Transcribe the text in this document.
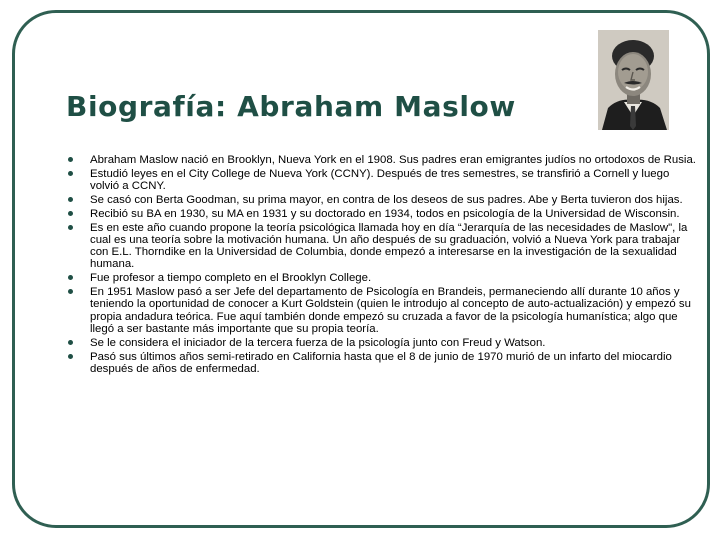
Biografía: Abraham Maslow
Abraham Maslow nació en Brooklyn, Nueva York en el 1908. Sus padres eran emigrantes judíos no ortodoxos de Rusia.
Estudió leyes en el City College de Nueva York (CCNY). Después de tres semestres, se transfirió a Cornell y luego volvió a CCNY.
Se casó con Berta Goodman, su prima mayor, en contra de los deseos de sus padres. Abe y Berta tuvieron dos hijas.
Recibió su BA en 1930, su MA en 1931 y su doctorado en 1934, todos en psicología de la Universidad de Wisconsin.
Es en este año cuando propone la teoría psicológica llamada hoy en día “Jerarquía de las necesidades de Maslow", la cual es una teoría sobre la motivación humana. Un año después de su graduación, volvió a Nueva York para trabajar con E.L. Thorndike en la Universidad de Columbia, donde empezó a interesarse en la investigación de la sexualidad humana.
Fue profesor a tiempo completo en el Brooklyn College.
En 1951 Maslow pasó a ser Jefe del departamento de Psicología en Brandeis, permaneciendo allí durante 10 años y teniendo la oportunidad de conocer a Kurt Goldstein (quien le introdujo al concepto de auto-actualización) y empezó su propia andadura teórica. Fue aquí también donde empezó su cruzada a favor de la psicología humanística; algo que llegó a ser bastante más importante que su propia teoría.
Se le considera el iniciador de la tercera fuerza de la psicología junto con Freud y Watson.
Pasó sus últimos años semi-retirado en California hasta que el 8 de junio de 1970 murió de un infarto del miocardio después de años de enfermedad.
